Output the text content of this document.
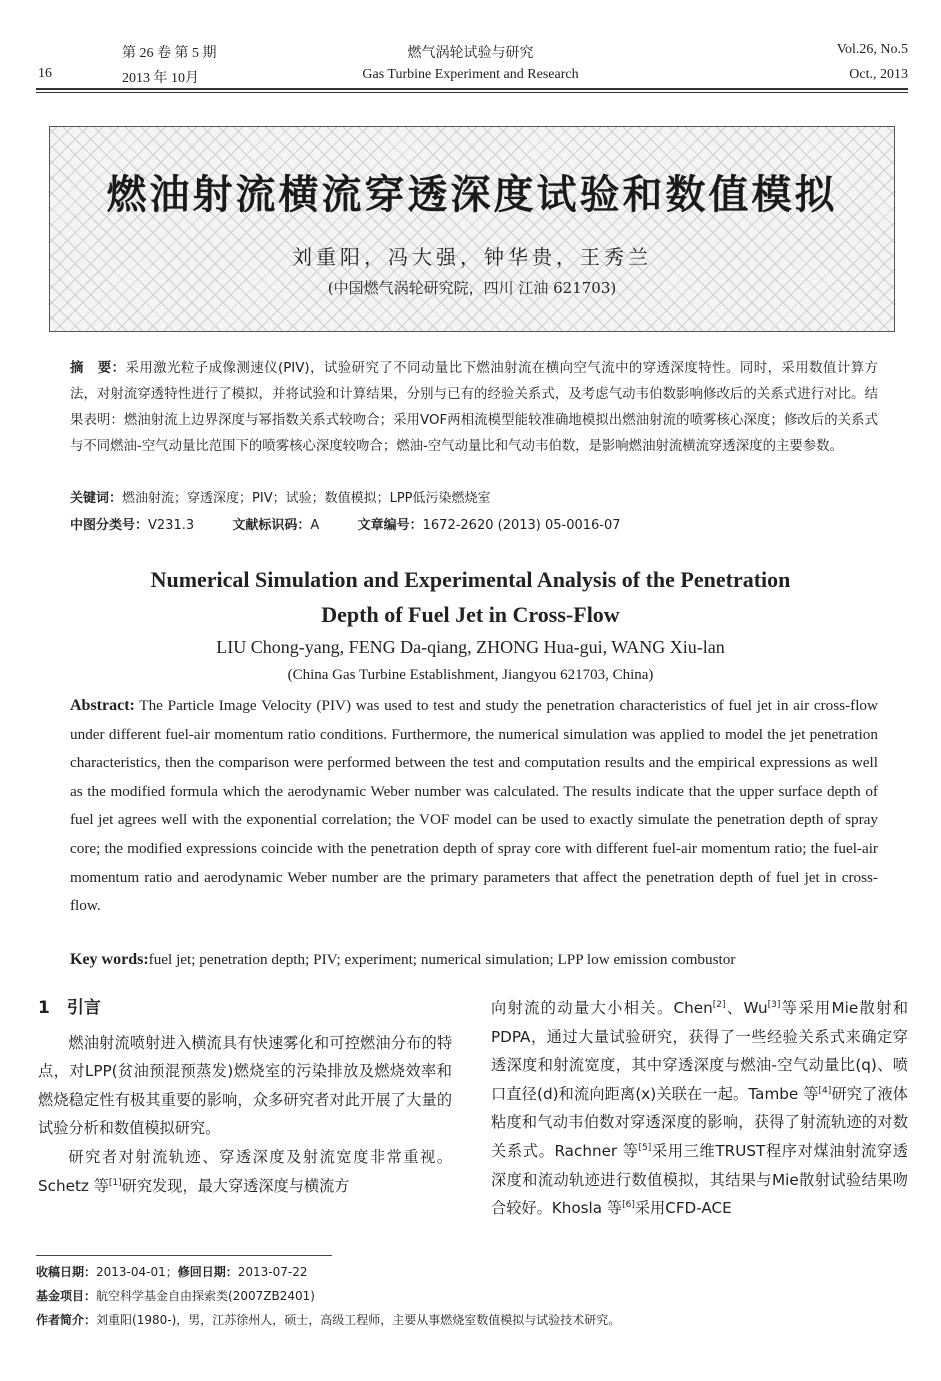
16
第 26 卷 第 5 期
2013 年 10月
燃气涡轮试验与研究
Gas Turbine Experiment and Research
Vol.26, No.5
Oct., 2013
燃油射流横流穿透深度试验和数值模拟
刘重阳，冯大强，钟华贵，王秀兰
(中国燃气涡轮研究院，四川 江油 621703)
摘　要：采用激光粒子成像测速仪(PIV)，试验研究了不同动量比下燃油射流在横向空气流中的穿透深度特性。同时，采用数值计算方法，对射流穿透特性进行了模拟，并将试验和计算结果，分别与已有的经验关系式，及考虑气动韦伯数影响修改后的关系式进行对比。结果表明：燃油射流上边界深度与幂指数关系式较吻合；采用VOF两相流模型能较准确地模拟出燃油射流的喷雾核心深度；修改后的关系式与不同燃油-空气动量比范围下的喷雾核心深度较吻合；燃油-空气动量比和气动韦伯数，是影响燃油射流横流穿透深度的主要参数。
关键词：燃油射流；穿透深度；PIV；试验；数值模拟；LPP低污染燃烧室
中图分类号：V231.3	文献标识码：A	文章编号：1672-2620 (2013) 05-0016-07
Numerical Simulation and Experimental Analysis of the Penetration
Depth of Fuel Jet in Cross-Flow
LIU Chong-yang, FENG Da-qiang, ZHONG Hua-gui, WANG Xiu-lan
(China Gas Turbine Establishment, Jiangyou 621703, China)
Abstract: The Particle Image Velocity (PIV) was used to test and study the penetration characteristics of fuel jet in air cross-flow under different fuel-air momentum ratio conditions. Furthermore, the numerical simulation was applied to model the jet penetration characteristics, then the comparison were performed between the test and computation results and the empirical expressions as well as the modified formula which the aerodynamic Weber number was calculated. The results indicate that the upper surface depth of fuel jet agrees well with the exponential correlation; the VOF model can be used to exactly simulate the penetration depth of spray core; the modified expressions coincide with the penetration depth of spray core with different fuel-air momentum ratio; the fuel-air momentum ratio and aerodynamic Weber number are the primary parameters that affect the penetration depth of fuel jet in cross-flow.
Key words:fuel jet; penetration depth; PIV; experiment; numerical simulation; LPP low emission combustor

1　引言

燃油射流喷射进入横流具有快速雾化和可控燃油分布的特点，对LPP(贫油预混预蒸发)燃烧室的污染排放及燃烧效率和燃烧稳定性有极其重要的影响，众多研究者对此开展了大量的试验分析和数值模拟研究。

研究者对射流轨迹、穿透深度及射流宽度非常重视。Schetz 等[1]研究发现，最大穿透深度与横流方

向射流的动量大小相关。Chen[2]、Wu[3]等采用Mie散射和PDPA，通过大量试验研究，获得了一些经验关系式来确定穿透深度和射流宽度，其中穿透深度与燃油-空气动量比(q)、喷口直径(d)和流向距离(x)关联在一起。Tambe 等[4]研究了液体粘度和气动韦伯数对穿透深度的影响，获得了射流轨迹的对数关系式。Rachner 等[5]采用三维TRUST程序对煤油射流穿透深度和流动轨迹进行数值模拟，其结果与Mie散射试验结果吻合较好。Khosla 等[6]采用CFD-ACE

收稿日期：2013-04-01；修回日期：2013-07-22
基金项目：航空科学基金自由探索类(2007ZB2401)
作者简介：刘重阳(1980-)，男，江苏徐州人，硕士，高级工程师，主要从事燃烧室数值模拟与试验技术研究。
